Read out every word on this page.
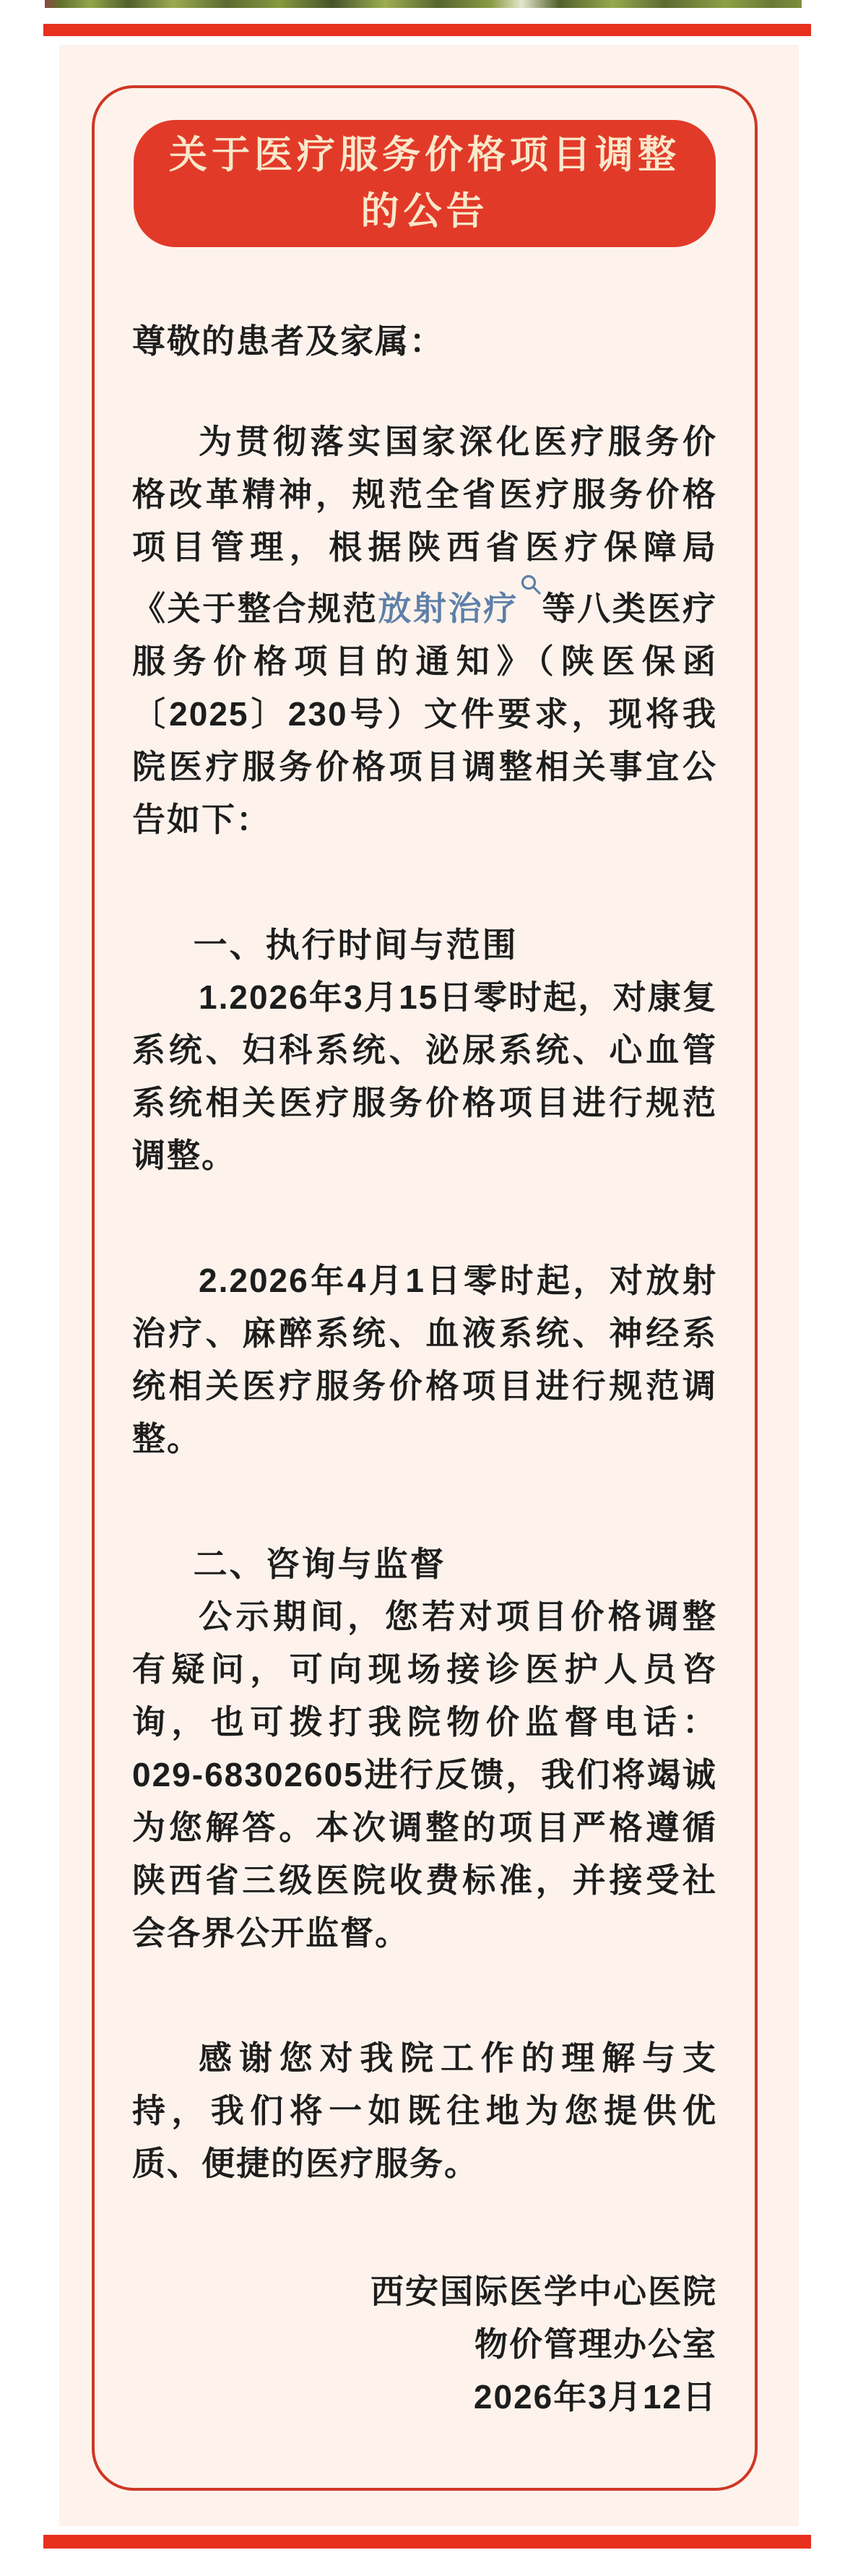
关于医疗服务价格项目调整
的公告

尊敬的患者及家属：

为贯彻落实国家深化医疗服务价格改革精神，规范全省医疗服务价格项目管理，根据陕西省医疗保障局《关于整合规范放射治疗 等八类医疗服务价格项目的通知》（陕医保函〔2025〕230号）文件要求，现将我院医疗服务价格项目调整相关事宜公告如下：

一、执行时间与范围

1.2026年3月15日零时起，对康复系统、妇科系统、泌尿系统、心血管系统相关医疗服务价格项目进行规范调整。

2.2026年4月1日零时起，对放射治疗、麻醉系统、血液系统、神经系统相关医疗服务价格项目进行规范调整。

二、咨询与监督

公示期间，您若对项目价格调整有疑问，可向现场接诊医护人员咨询，也可拨打我院物价监督电话：029-68302605进行反馈，我们将竭诚为您解答。本次调整的项目严格遵循陕西省三级医院收费标准，并接受社会各界公开监督。

感谢您对我院工作的理解与支持，我们将一如既往地为您提供优质、便捷的医疗服务。

西安国际医学中心医院
物价管理办公室
2026年3月12日
